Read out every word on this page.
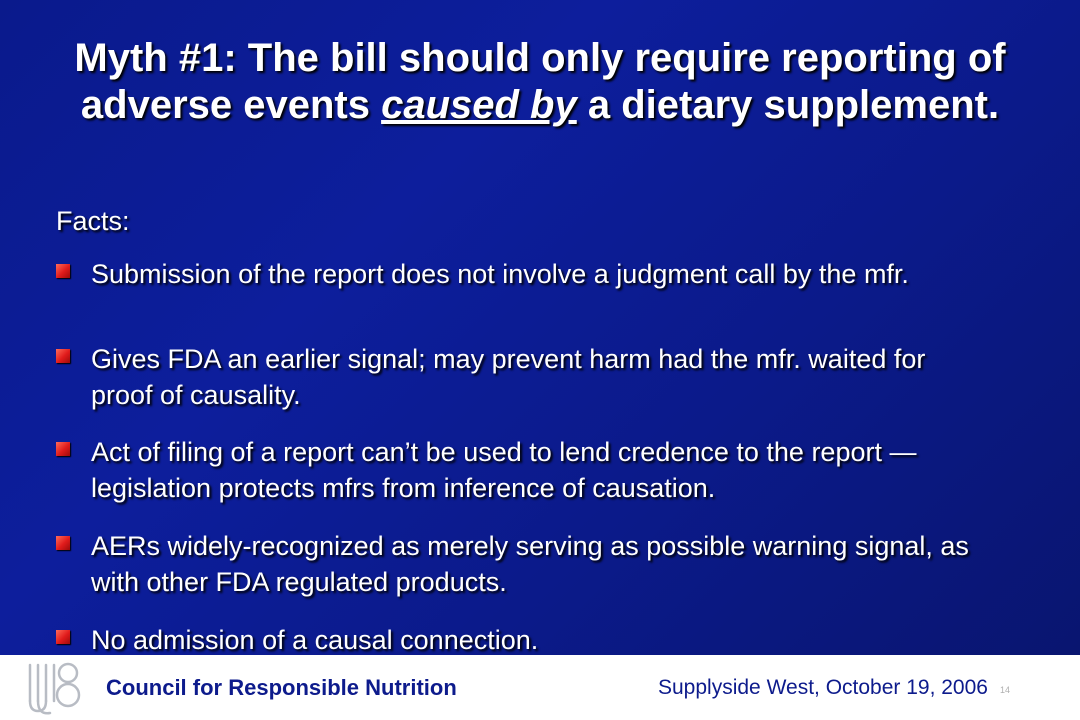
Myth #1: The bill should only require reporting of adverse events caused by a dietary supplement.
Facts:
Submission of the report does not involve a judgment call by the mfr.
Gives FDA an earlier signal; may prevent harm had the mfr. waited for proof of causality.
Act of filing of a report can’t be used to lend credence to the report — legislation protects mfrs from inference of causation.
AERs widely-recognized as merely serving as possible warning signal, as with other FDA regulated products.
No admission of a causal connection.
Council for Responsible Nutrition	Supplyside West, October 19, 2006 14
